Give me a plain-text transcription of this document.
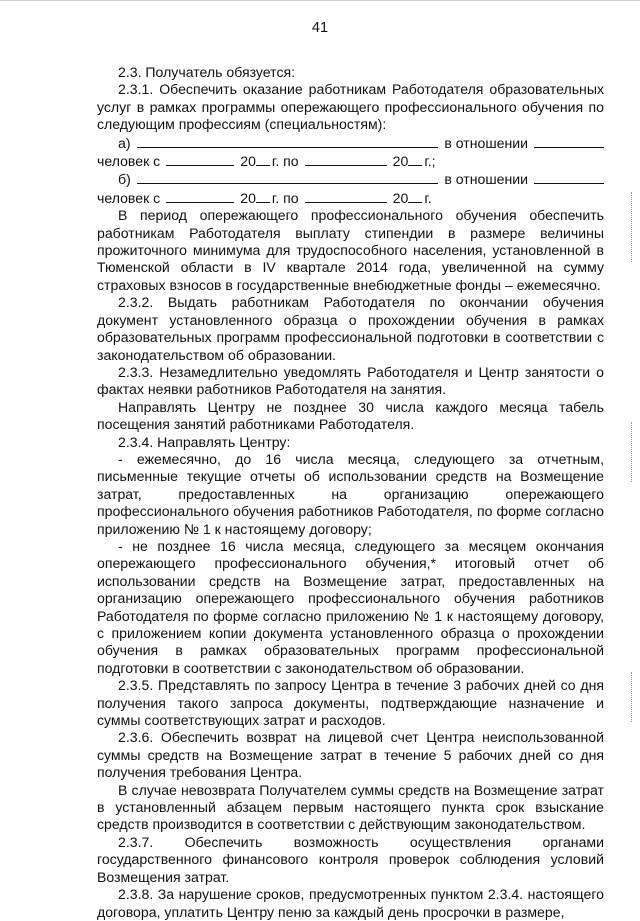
41

2.3. Получатель обязуется:

2.3.1. Обеспечить оказание работникам Работодателя образовательных услуг в рамках программы опережающего профессионального обучения по следующим профессиям (специальностям):

а)	в отношении
человек с	20 г. по	20 г.;
б)	в отношении
человек с	20 г. по	20 г.

В период опережающего профессионального обучения обеспечить работникам Работодателя выплату стипендии в размере величины прожиточного минимума для трудоспособного населения, установленной в Тюменской области в IV квартале 2014 года, увеличенной на сумму страховых взносов в государственные внебюджетные фонды – ежемесячно.

2.3.2. Выдать работникам Работодателя по окончании обучения документ установленного образца о прохождении обучения в рамках образовательных программ профессиональной подготовки в соответствии с законодательством об образовании.

2.3.3. Незамедлительно уведомлять Работодателя и Центр занятости о фактах неявки работников Работодателя на занятия.

Направлять Центру не позднее 30 числа каждого месяца табель посещения занятий работниками Работодателя.

2.3.4. Направлять Центру:

- ежемесячно, до 16 числа месяца, следующего за отчетным, письменные текущие отчеты об использовании средств на Возмещение затрат, предоставленных на организацию опережающего профессионального обучения работников Работодателя, по форме согласно приложению № 1 к настоящему договору;

- не позднее 16 числа месяца, следующего за месяцем окончания опережающего профессионального обучения,* итоговый отчет об использовании средств на Возмещение затрат, предоставленных на организацию опережающего профессионального обучения работников Работодателя по форме согласно приложению № 1 к настоящему договору, с приложением копии документа установленного образца о прохождении обучения в рамках образовательных программ профессиональной подготовки в соответствии с законодательством об образовании.

2.3.5. Представлять по запросу Центра в течение 3 рабочих дней со дня получения такого запроса документы, подтверждающие назначение и суммы соответствующих затрат и расходов.

2.3.6. Обеспечить возврат на лицевой счет Центра неиспользованной суммы средств на Возмещение затрат в течение 5 рабочих дней со дня получения требования Центра.

В случае невозврата Получателем суммы средств на Возмещение затрат в установленный абзацем первым настоящего пункта срок взыскание средств производится в соответствии с действующим законодательством.

2.3.7. Обеспечить возможность осуществления органами государственного финансового контроля проверок соблюдения условий Возмещения затрат.

2.3.8. За нарушение сроков, предусмотренных пунктом 2.3.4. настоящего договора, уплатить Центру пеню за каждый день просрочки в размере,
